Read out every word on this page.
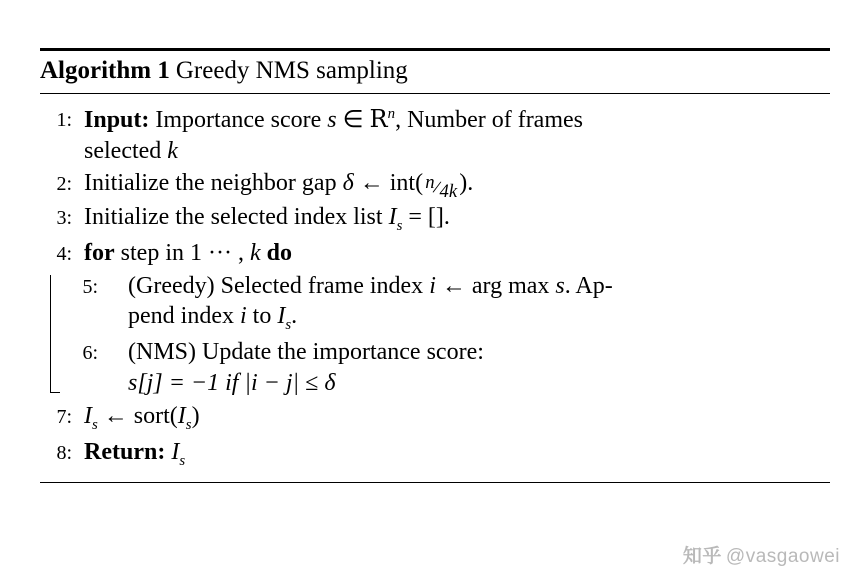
Algorithm 1 Greedy NMS sampling
1: Input: Importance score s ∈ $R^n$, Number of frames
selected k
2: Initialize the neighbor gap δ ← int( n/4k).
3: Initialize the selected index list $I_s$ = [].
4: for step in 1 ··· , k do
5:	(Greedy) Selected frame index i ← arg max s. Ap-
pend index i to $I_s$.
6:	(NMS) Update the importance score:
s[j] = −1 if |i − j| ≤ δ
7: $I_s$ ← $sort(I_s)$
8: Return: $I_s$
知乎 @vasgaowei
